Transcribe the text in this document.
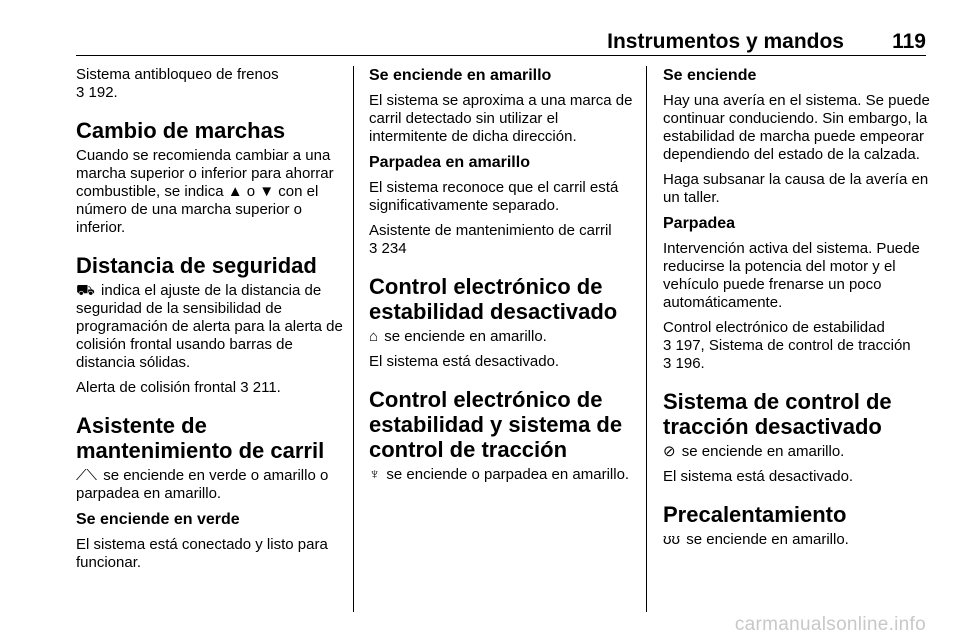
Instrumentos y mandos 119

Sistema antibloqueo de frenos
3 192.

Cambio de marchas

Cuando se recomienda cambiar a una marcha superior o inferior para ahorrar combustible, se indica ▲ o ▼ con el número de una marcha superior o inferior.

Distancia de seguridad

⛟ indica el ajuste de la distancia de seguridad de la sensibilidad de programación de alerta para la alerta de colisión frontal usando barras de distancia sólidas.

Alerta de colisión frontal 3 211.

Asistente de mantenimiento de carril

⟋⟍ se enciende en verde o amarillo o parpadea en amarillo.

Se enciende en verde

El sistema está conectado y listo para funcionar.

Se enciende en amarillo

El sistema se aproxima a una marca de carril detectado sin utilizar el intermitente de dicha dirección.

Parpadea en amarillo

El sistema reconoce que el carril está significativamente separado.

Asistente de mantenimiento de carril
3 234

Control electrónico de estabilidad desactivado

⌂ se enciende en amarillo.

El sistema está desactivado.

Control electrónico de estabilidad y sistema de control de tracción

♆ se enciende o parpadea en amarillo.

Se enciende

Hay una avería en el sistema. Se puede continuar conduciendo. Sin embargo, la estabilidad de marcha puede empeorar dependiendo del estado de la calzada.

Haga subsanar la causa de la avería en un taller.

Parpadea

Intervención activa del sistema. Puede reducirse la potencia del motor y el vehículo puede frenarse un poco automáticamente.

Control electrónico de estabilidad
3 197, Sistema de control de tracción
3 196.

Sistema de control de tracción desactivado

⊘ se enciende en amarillo.

El sistema está desactivado.

Precalentamiento

ʊʊ se enciende en amarillo.

carmanualsonline.info
